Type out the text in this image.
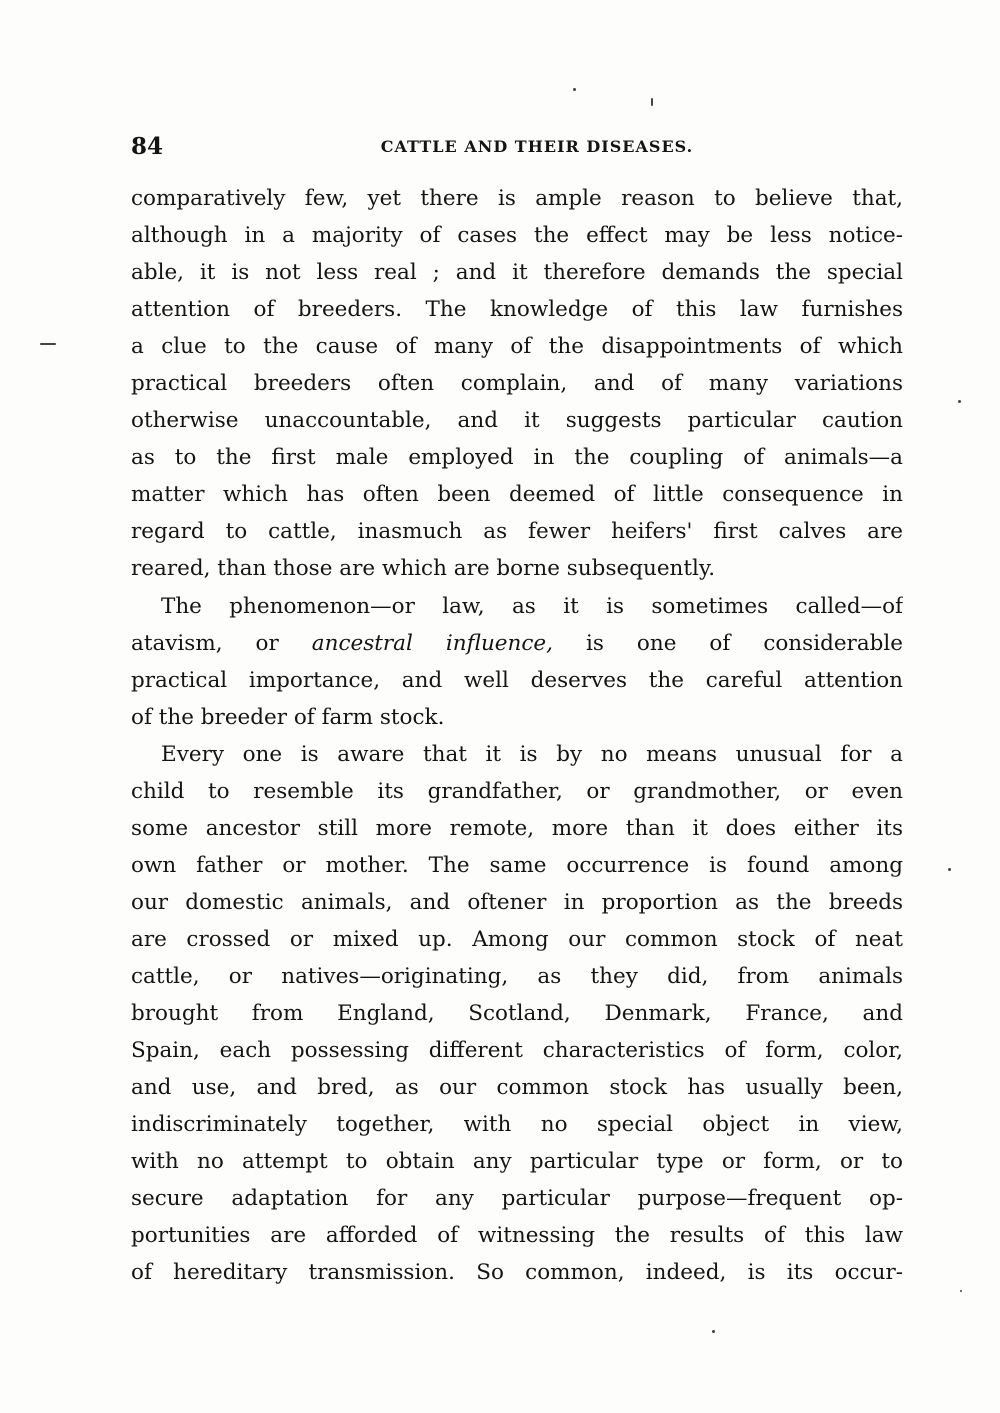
84	CATTLE AND THEIR DISEASES.
comparatively few, yet there is ample reason to believe that,
although in a majority of cases the effect may be less notice-
able, it is not less real ; and it therefore demands the special
attention of breeders. The knowledge of this law furnishes
a clue to the cause of many of the disappointments of which
practical breeders often complain, and of many variations
otherwise unaccountable, and it suggests particular caution
as to the first male employed in the coupling of animals—a
matter which has often been deemed of little consequence in
regard to cattle, inasmuch as fewer heifers' first calves are
reared, than those are which are borne subsequently.
The phenomenon—or law, as it is sometimes called—of
atavism, or ancestral influence, is one of considerable
practical importance, and well deserves the careful attention
of the breeder of farm stock.
Every one is aware that it is by no means unusual for a
child to resemble its grandfather, or grandmother, or even
some ancestor still more remote, more than it does either its
own father or mother. The same occurrence is found among
our domestic animals, and oftener in proportion as the breeds
are crossed or mixed up. Among our common stock of neat
cattle, or natives—originating, as they did, from animals
brought from England, Scotland, Denmark, France, and
Spain, each possessing different characteristics of form, color,
and use, and bred, as our common stock has usually been,
indiscriminately together, with no special object in view,
with no attempt to obtain any particular type or form, or to
secure adaptation for any particular purpose—frequent op-
portunities are afforded of witnessing the results of this law
of hereditary transmission. So common, indeed, is its occur-
